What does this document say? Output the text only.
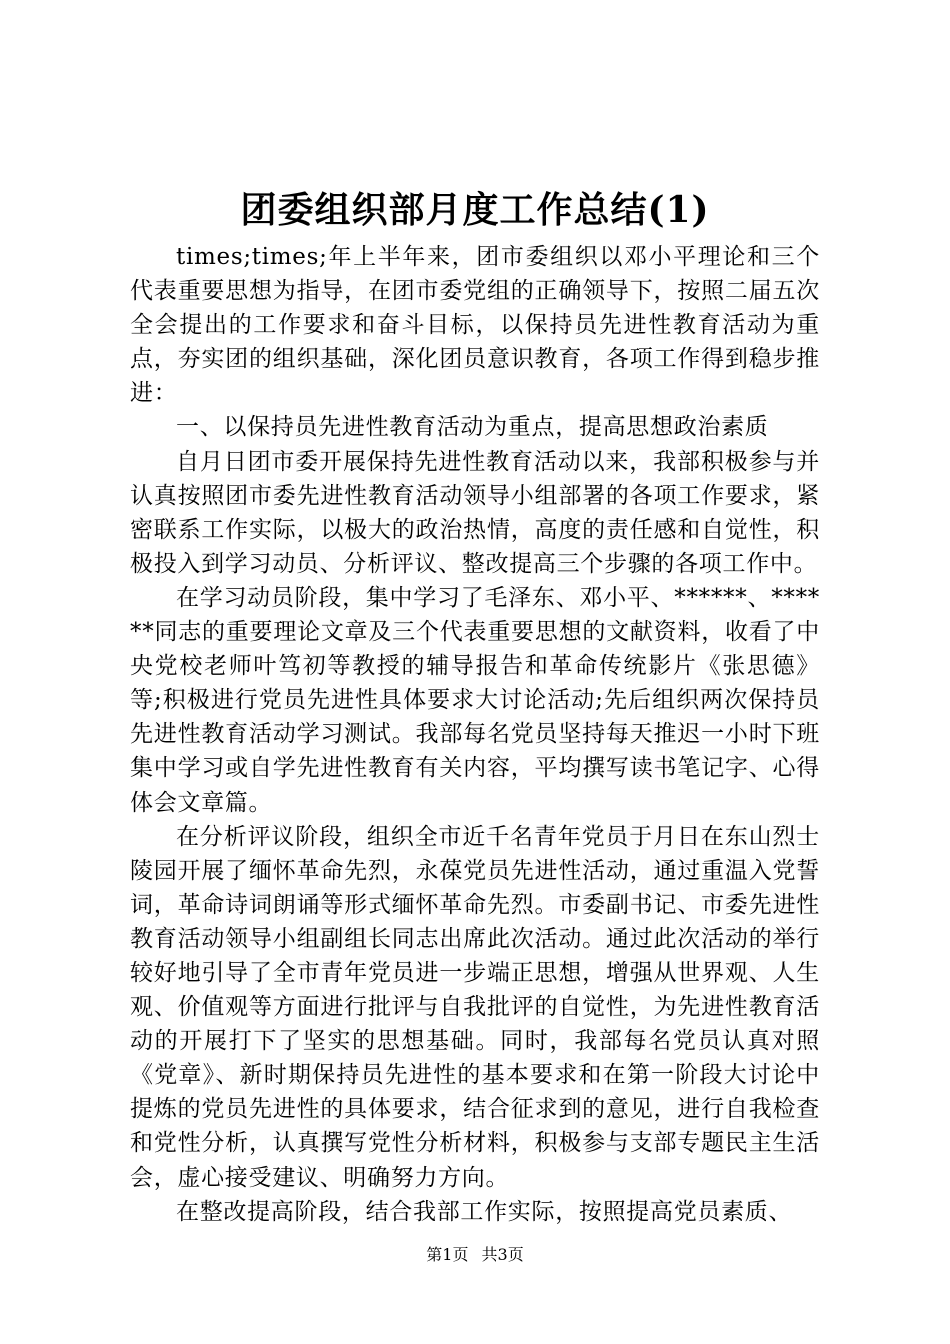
团委组织部月度工作总结(1)

times;times;年上半年来，团市委组织以邓小平理论和三个代表重要思想为指导，在团市委党组的正确领导下，按照二届五次全会提出的工作要求和奋斗目标，以保持员先进性教育活动为重点，夯实团的组织基础，深化团员意识教育，各项工作得到稳步推进：

一、以保持员先进性教育活动为重点，提高思想政治素质

自月日团市委开展保持先进性教育活动以来，我部积极参与并认真按照团市委先进性教育活动领导小组部署的各项工作要求，紧密联系工作实际，以极大的政治热情，高度的责任感和自觉性，积极投入到学习动员、分析评议、整改提高三个步骤的各项工作中。

在学习动员阶段，集中学习了毛泽东、邓小平、******、******同志的重要理论文章及三个代表重要思想的文献资料，收看了中央党校老师叶笃初等教授的辅导报告和革命传统影片《张思德》等;积极进行党员先进性具体要求大讨论活动;先后组织两次保持员先进性教育活动学习测试。我部每名党员坚持每天推迟一小时下班集中学习或自学先进性教育有关内容，平均撰写读书笔记字、心得体会文章篇。

在分析评议阶段，组织全市近千名青年党员于月日在东山烈士陵园开展了缅怀革命先烈，永葆党员先进性活动，通过重温入党誓词，革命诗词朗诵等形式缅怀革命先烈。市委副书记、市委先进性教育活动领导小组副组长同志出席此次活动。通过此次活动的举行较好地引导了全市青年党员进一步端正思想，增强从世界观、人生观、价值观等方面进行批评与自我批评的自觉性，为先进性教育活动的开展打下了坚实的思想基础。同时，我部每名党员认真对照《党章》、新时期保持员先进性的基本要求和在第一阶段大讨论中提炼的党员先进性的具体要求，结合征求到的意见，进行自我检查和党性分析，认真撰写党性分析材料，积极参与支部专题民主生活会，虚心接受建议、明确努力方向。

在整改提高阶段，结合我部工作实际，按照提高党员素质、

第1页 共3页
